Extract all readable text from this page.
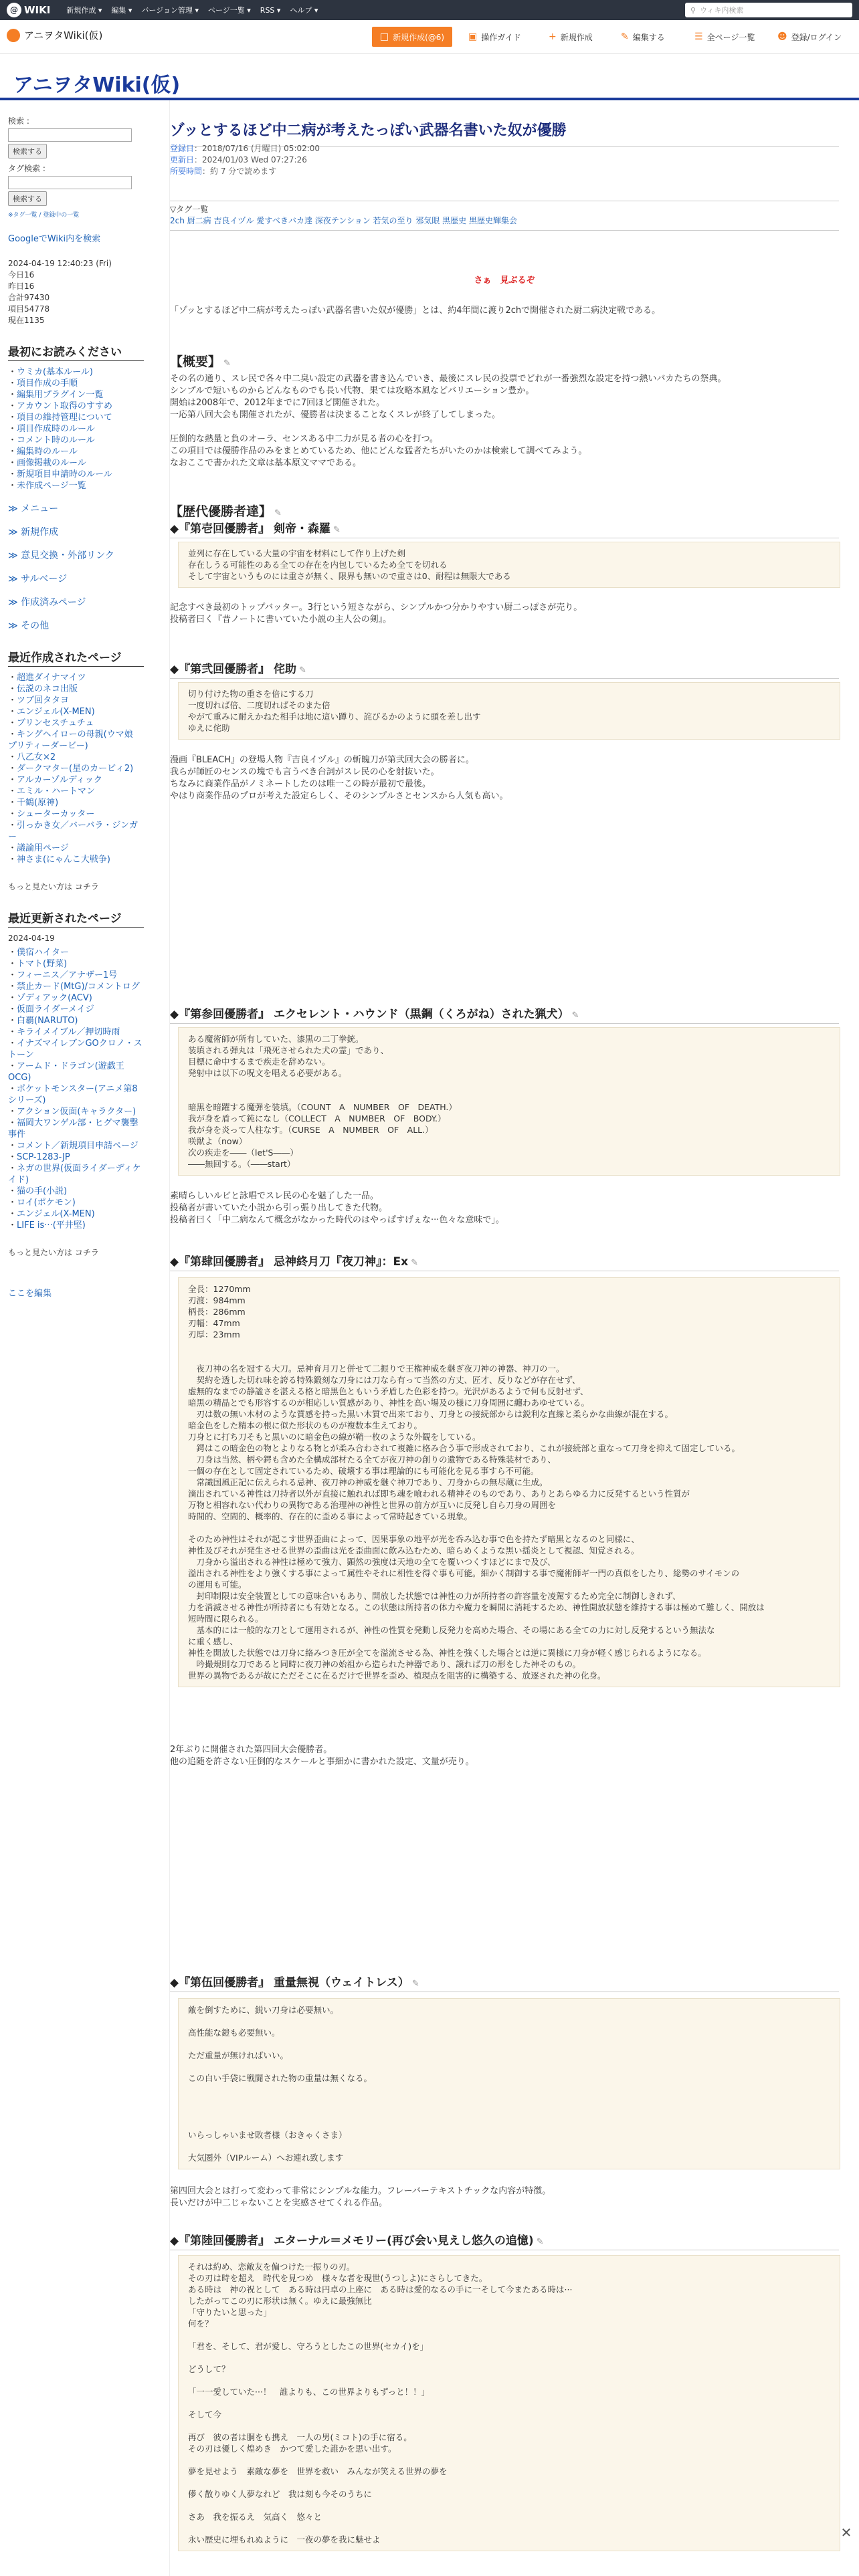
@ WIKI 新規作成 ▾ 編集 ▾ バージョン管理 ▾ ページ一覧 ▾ RSS ▾ ヘルプ ▾	⚲ ウィキ内検索
アニヲタWiki(仮)	□ 新規作成(@6)	▣ 操作ガイド	+ 新規作成	✎ 編集する	☰ 全ページ一覧 ☻ 登録/ログイン
アニヲタWiki(仮)
検索 :
検索する
タグ検索 :
検索する
※タグ一覧 / 登録中の一覧
GoogleでWiki内を検索
2024-04-19 12:40:23 (Fri)
今日16
昨日16
合計97430
項目54778
現在1135
最初にお読みください
・ ウミカ(基本ルール)
・ 項目作成の手順
・ 編集用プラグイン一覧
・ アカウント取得のすすめ
・ 項目の維持管理について
・ 項目作成時のルール
・ コメント時のルール
・ 編集時のルール
・ 画像掲載のルール
・ 新規項目申請時のルール
・ 未作成ページ一覧
≫ メニュー
≫ 新規作成
≫ 意見交換・外部リンク
≫ サルベージ
≫ 作成済みページ
≫ その他
最近作成されたページ
・ 超進ダイナマイツ
・ 伝説のネコ出版
・ ツブ回タタヨ
・ エンジェル(X-MEN)
・ ブリンセスチュチュ
・ キングヘイローの母親(ウマ娘 プリティーダービー)
・ 八乙女×2
・ ダークマター(星のカービィ2)
・ アルカーゾルディック
・ エミル・ハートマン
・ 千鶴(原神)
・ シューターカッター
・ 引っかき女／バーバラ・ジンガー
・ 議論用ページ
・ 神さま(にゃんこ大戦争)
もっと見たい方は コチラ
最近更新されたページ
2024-04-19
・ 僕宿ハイター
・ トマト(野菜)
・ フィーニス／アナザー1号
・ 禁止カード(MtG)/コメントログ
・ ゾディアック(ACV)
・ 仮面ライダーメイジ
・ 白覇(NARUTO)
・ キライメイブル／押切時雨
・ イナズマイレブンGOクロノ・ストーン
・ アームド・ドラゴン(遊戯王OCG)
・ ポケットモンスター(アニメ第8シリーズ)
・ アクション仮面(キャラクター)
・ 福岡大ワンゲル部・ヒグマ襲撃事件
・ コメント／新規項目申請ページ
・ SCP-1283-JP
・ ネガの世界(仮面ライダーディケイド)
・ 猫の手(小説)
・ ロイ(ポケモン)
・ エンジェル(X-MEN)
・ LIFE is···(平井堅)
もっと見たい方は コチラ
ここを編集
ゾッとするほど中二病が考えたっぽい武器名書いた奴が優勝
登録日：2018/07/16 (月曜日) 05:02:00
更新日：2024/01/03 Wed 07:27:26
所要時間：約 7 分で読めます
▽タグ一覧
2ch 厨二病 吉良イヅル 愛すべきバカ達 深夜テンション 若気の至り 邪気眼 黒歴史 黒歴史輝集会
さぁ　見ぶるぞ
「ゾッとするほど中二病が考えたっぽい武器名書いた奴が優勝」とは、約4年間に渡り2chで開催された厨二病決定戦である。
【概要】 ✎
その名の通り、スレ民で各々中二臭い設定の武器を書き込んでいき、最後にスレ民の投票でどれが一番強烈な設定を持つ熱いバカたちの祭典。
シンプルで短いものからどんなものでも長い代物、果ては攻略本風などバリエーション豊か。
開始は2008年で、2012年までに7回ほど開催された。
一応第八回大会も開催されたが、優勝者は決まることなくスレが終了してしまった。

圧倒的な熱量と負のオーラ、センスある中二力が見る者の心を打つ。
この項目では優勝作品のみをまとめているため、他にどんな猛者たちがいたのかは検索して調べてみよう。
なおここで書かれた文章は基本原文ママである。
【歴代優勝者達】 ✎
◆『第壱回優勝者』 剣帝・森羅 ✎
並列に存在している大量の宇宙を材料にして作り上げた剣
存在しうる可能性のある全ての存在を内包しているため全てを切れる
そして宇宙というものには重さが無く、限界も無いので重さは0、耐程は無限大である
記念すべき最初のトップバッター。3行という短さながら、シンプルかつ分かりやすい厨二っぽさが売り。
投稿者曰く『昔ノートに書いていた小説の主人公の剣』。
◆『第弐回優勝者』 侘助 ✎
切り付けた物の重さを倍にする刀
一度切れば倍、二度切ればそのまた倍
やがて重みに耐えかねた相手は地に這い蹲り、詫びるかのように頭を差し出す
ゆえに侘助
漫画『BLEACH』の登場人物『吉良イヅル』の斬魄刀が第弐回大会の勝者に。
我らが師匠のセンスの塊でも言うべき台詞がスレ民の心を射抜いた。
ちなみに商業作品がノミネートしたのは唯一この時が最初で最後。
やはり商業作品のプロが考えた設定らしく、そのシンプルさとセンスから人気も高い。
◆『第参回優勝者』 エクセレント・ハウンド（黒鋼（くろがね）された猟犬） ✎
ある魔術師が所有していた、漆黒の二丁拳銃。
装填される弾丸は「飛死させられた犬の霊」であり、
目標に命中するまで疾走を辞めない。
発射中は以下の呪文を唱える必要がある。

暗黒を暗躍する魔弾を装填。（COUNT　A　NUMBER　OF　DEATH.）
我が身を盾って鈍になし（COLLECT　A　NUMBER　OF　BODY.）
我が身を炎って人柱なす。（CURSE　A　NUMBER　OF　ALL.）
咲獣よ（now）
次の疾走を――（let'S――）
――無回する。（――start）
素晴らしいルビと詠唱でスレ民の心を魅了した一品。
投稿者が書いていた小説から引っ張り出してきた代物。
投稿者曰く「中二病なんて概念がなかった時代のはやっぱすげぇな···色々な意味で」。
◆『第肆回優勝者』 忌神終月刀『夜刀神』：Ex ✎
全長：1270mm
刃渡：984mm
柄長：286mm
刃幅：47mm
刃厚：23mm
　夜刀神の名を冠する大刀。忌神育月刀と併せて二振りで王権神威を継ぎ夜刀神の神器、神刀の一。
　契約を透した切れ味を誇る特殊鍛刻な刀身には刀なら有って当然の方丈、匠才、反りなどが存在せず、
虚無的なまでの静謐さを湛える格と暗黒色ともいう矛盾した色彩を持つ。光沢があるようで何も反射せず、
暗黒の精晶とでも形容するのが相応しい質感があり、神性を高い場及の様に刀身周囲に纏わあゆせている。
　刃は数の無い木材のような質感を持った黒い木質で出来ており、刀身との接続部からは鋭利な直線と柔らかな曲線が混在する。
暗金色をした精本の根に似た形状のものが複数本生えており。
刀身とに打ち刀そもと黒いのに暗金色の線が鞘一枚のような外観をしている。
　鍔はこの暗金色の物とよりなる物とが柔み合わされて複雑に格み合う事で形成されており、これが接続部と重なって刀身を抑えて固定している。
　刀身は当然、柄や鍔も含めた全構成部材たる全てが夜刀神の創りの遺物である特殊装材であり、
一個の存在として固定されているため、破壊する事は理論的にも可能化を見る事すら不可能。
　常識国風正記に伝えられる忌神、夜刀神の神威を継ぐ神刀であり、刀身からの無尽蔵に生成。
滴出されている神性は刀持者以外が直接に触れれば即ち魂を喰われる精神そのものであり、ありとあらゆる力に反発するという性質が
万物と相容れない代わりの異物である治理神の神性と世界の前方が互いに反発し自ら刀身の周囲を
時間的、空間的、概率的、存在的に歪める事によって常時起きている現象。

そのため神性はそれが起こす世界歪曲によって、因果事象の地平が光を呑み込む事で色を持たず暗黒となるのと同様に、
神性及びそれが発生させる世界の歪曲は光を歪曲面に飲み込むため、暗らめくような黒い揺炎として視認、知覚される。
　刀身から溢出される神性は極めて強力、顕然の強度は天地の全てを覆いつくすほどにまで及び、
溢出される神性をより強くする事によって属性やそれに相性を得ぐ事も可能。細かく制御する事で魔術師ギ一門の真似をしたり、総勢のサイモンの
の運用も可能。
　封印制限は安全装置としての意味合いもあり、開放した状態では神性の力が所持者の許容量を凌駕するため完全に制御しきれず、
力を消滅させる神性が所持者にも有効となる。この状態は所持者の体力や魔力を瞬間に消耗するため、神性開放状態を維持する事は極めて難しく、開放は
短時間に限られる。
　基本的には一般的な刀として運用されるが、神性の性質を発動し反発力を高めた場合、その場にある全ての力に対し反発するという無法な
に重く感し、
神性を開放した状態では刀身に絡みつき圧が全てを溢流させる為、神性を強くした場合とは逆に異様に刀身が軽く感じられるようになる。
　吟撮規則な刀であると同時に夜刀神の始祖から造られた神器であり、譲れば刀の形をした神そのもの。
世界の異物であるが故にただそこに在るだけで世界を歪め、植現点を阻害的に構築する、放逐された神の化身。
2年ぶりに開催された第四回大会優勝者。
他の追随を許さない圧倒的なスケールと事細かに書かれた設定、文量が売り。
◆『第伍回優勝者』 重量無視（ウェイトレス） ✎
敵を倒すために、鋭い刀身は必要無い。

高性能な鎧も必要無い。

ただ重量が無ければいい。

この白い手袋に戦闘された物の重量は無くなる。

いらっしゃいませ敗者様（おきゃくさま）

大気圏外（VIPルーム）へお連れ致します
第四回大会とは打って変わって非常にシンプルな能力。フレーバーテキストチックな内容が特徴。
長いだけが中二じゃないことを実感させてくれる作品。
◆『第陸回優勝者』 エターナル＝メモリー(再び会い見えし悠久の追憶) ✎
それは約め、恋敵友を偏つけた一振りの刃。
その刃は時を超え　時代を見つめ　様々な者を現世(うつしよ)にさらしてきた。
ある時は　神の祝として　ある時は円卓の上座に　ある時は愛的なるの手に一そして今またある時は···
したがってこの刃に形状は無く。ゆえに最強無比
「守りたいと思った」
何を？

「君を、そして、君が愛し、守ろうとしたこの世界(セカイ)を」

どうして？

「一一愛していた···！　誰よりも、この世界よりもずっと！！」

そして今

再び　彼の者は胴をも携え　一人の男(ミコト)の手に宿る。
その刃は優しく煌めき　かつて愛した誰かを思い出す。

夢を見せよう　素敵な夢を　世界を救い　みんなが笑える世界の夢を

儚く散りゆく人夢なれど　我は刻も今そのうちに

さあ　我を振るえ　気高く　悠々と

永い歴史に埋もれぬように　一夜の夢を我に魅せよ	✕
